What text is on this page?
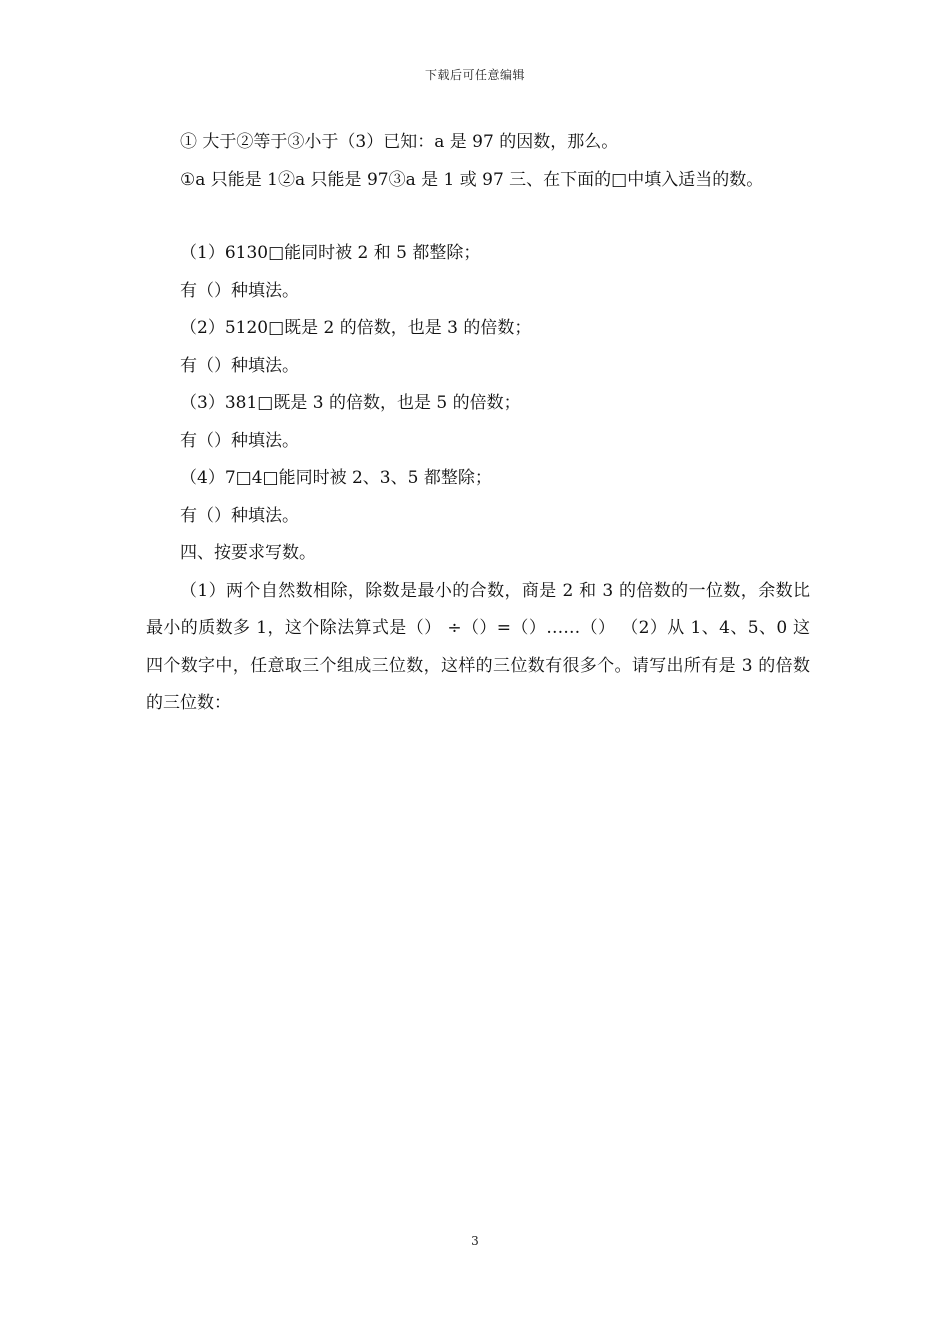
下载后可任意编辑
① 大于②等于③小于（3）已知：a 是 97 的因数，那么。
①a 只能是 1②a 只能是 97③a 是 1 或 97 三、在下面的□中填入适当的数。
（1）6130□能同时被 2 和 5 都整除；
有（）种填法。
（2）5120□既是 2 的倍数，也是 3 的倍数；
有（）种填法。
（3）381□既是 3 的倍数，也是 5 的倍数；
有（）种填法。
（4）7□4□能同时被 2、3、5 都整除；
有（）种填法。
四、按要求写数。
（1）两个自然数相除，除数是最小的合数，商是 2 和 3 的倍数的一位数，余数比最小的质数多 1，这个除法算式是（） ÷（）=（）……（） （2）从 1、4、5、0 这四个数字中，任意取三个组成三位数，这样的三位数有很多个。请写出所有是 3 的倍数的三位数：
3
